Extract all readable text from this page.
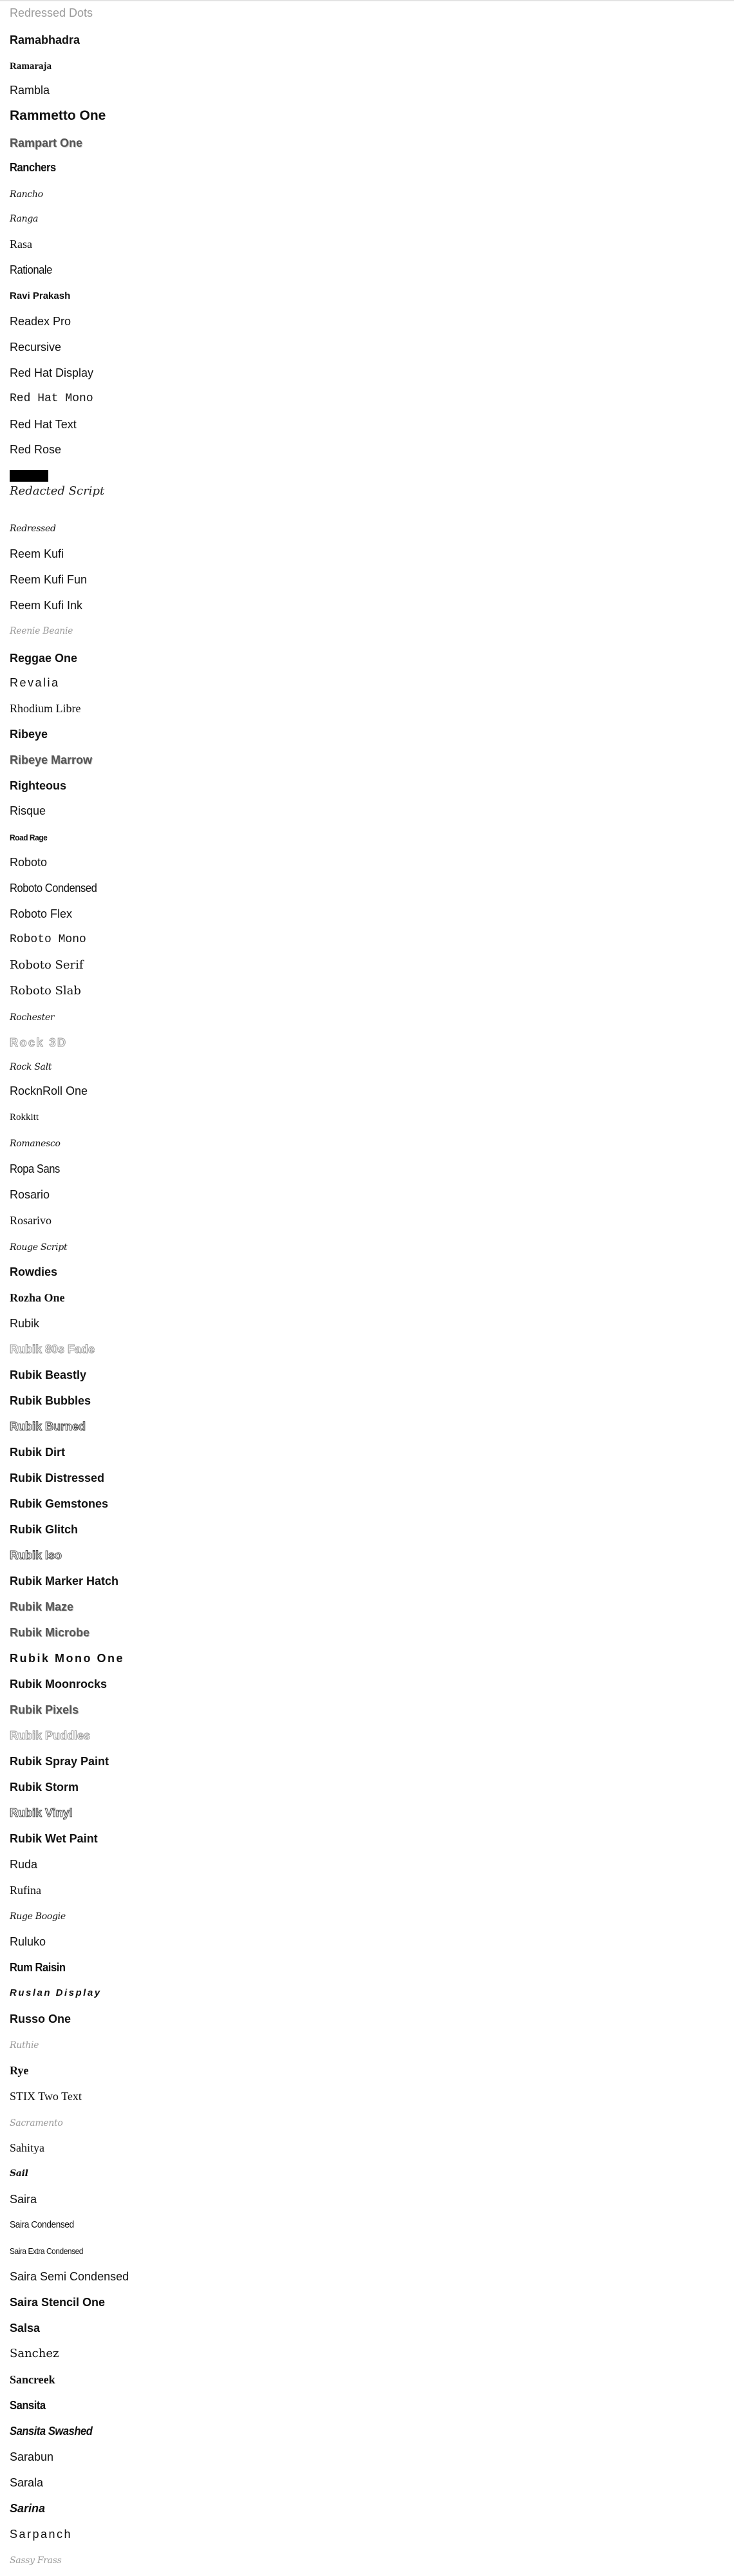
Redressed Dots
Ramabhadra
Ramaraja
Rambla
Rammetto One
Rampart One
Ranchers
Rancho
Ranga
Rasa
Rationale
Ravi Prakash
Readex Pro
Recursive
Red Hat Display
Red Hat Mono
Red Hat Text
Red Rose
Redacted Script
Redressed
Reem Kufi
Reem Kufi Fun
Reem Kufi Ink
Reenie Beanie
Reggae One
Revalia
Rhodium Libre
Ribeye
Ribeye Marrow
Righteous
Risque
Road Rage
Roboto
Roboto Condensed
Roboto Flex
Roboto Mono
Roboto Serif
Roboto Slab
Rochester
Rock 3D
Rock Salt
RocknRoll One
Rokkitt
Romanesco
Ropa Sans
Rosario
Rosarivo
Rouge Script
Rowdies
Rozha One
Rubik
Rubik 80s Fade
Rubik Beastly
Rubik Bubbles
Rubik Burned
Rubik Dirt
Rubik Distressed
Rubik Gemstones
Rubik Glitch
Rubik Iso
Rubik Marker Hatch
Rubik Maze
Rubik Microbe
Rubik Mono One
Rubik Moonrocks
Rubik Pixels
Rubik Puddles
Rubik Spray Paint
Rubik Storm
Rubik Vinyl
Rubik Wet Paint
Ruda
Rufina
Ruge Boogie
Ruluko
Rum Raisin
Ruslan Display
Russo One
Ruthie
Rye
STIX Two Text
Sacramento
Sahitya
Sail
Saira
Saira Condensed
Saira Extra Condensed
Saira Semi Condensed
Saira Stencil One
Salsa
Sanchez
Sancreek
Sansita
Sansita Swashed
Sarabun
Sarala
Sarina
Sarpanch
Sassy Frass
